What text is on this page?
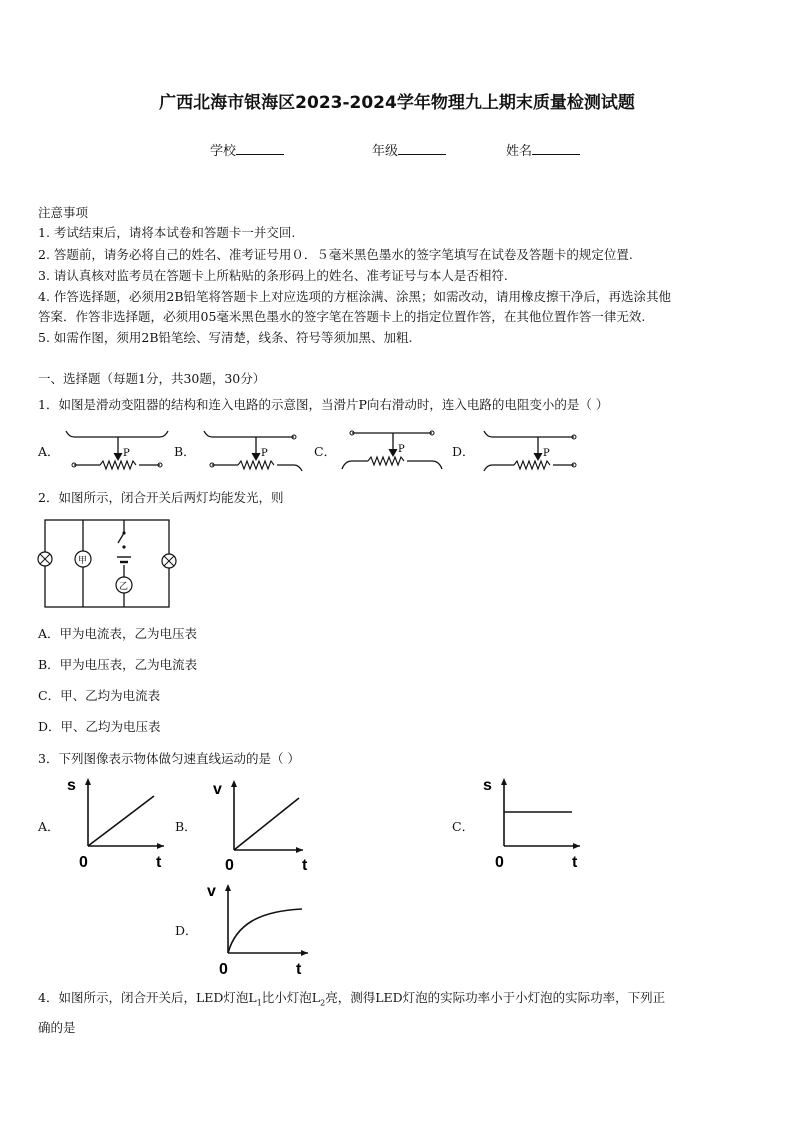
广西北海市银海区2023-2024学年物理九上期末质量检测试题
学校	年级	姓名
注意事项
1. 考试结束后，请将本试卷和答题卡一并交回.
2. 答题前，请务必将自己的姓名、准考证号用０．５毫米黑色墨水的签字笔填写在试卷及答题卡的规定位置.
3. 请认真核对监考员在答题卡上所粘贴的条形码上的姓名、准考证号与本人是否相符.
4. 作答选择题，必须用2B铅笔将答题卡上对应选项的方框涂满、涂黑；如需改动，请用橡皮擦干净后，再选涂其他
答案．作答非选择题，必须用05毫米黑色墨水的签字笔在答题卡上的指定位置作答，在其他位置作答一律无效.
5. 如需作图，须用2B铅笔绘、写清楚，线条、符号等须加黑、加粗.
一、选择题（每题1分，共30题，30分）
1．如图是滑动变阻器的结构和连入电路的示意图，当滑片P向右滑动时，连入电路的电阻变小的是（ ）
A．	B．	C．	D．
P	P	P	P
2．如图所示，闭合开关后两灯均能发光，则
甲
乙
A．甲为电流表，乙为电压表
B．甲为电压表，乙为电流表
C．甲、乙均为电流表
D．甲、乙均为电压表
3．下列图像表示物体做匀速直线运动的是（ ）
A．	B．	C．
D．
s
0	t
v
0	t
s
0	t
v
0	t
4．如图所示，闭合开关后，LED灯泡$L_1$比小灯泡$L_2$亮，测得LED灯泡的实际功率小于小灯泡的实际功率，下列正
确的是
